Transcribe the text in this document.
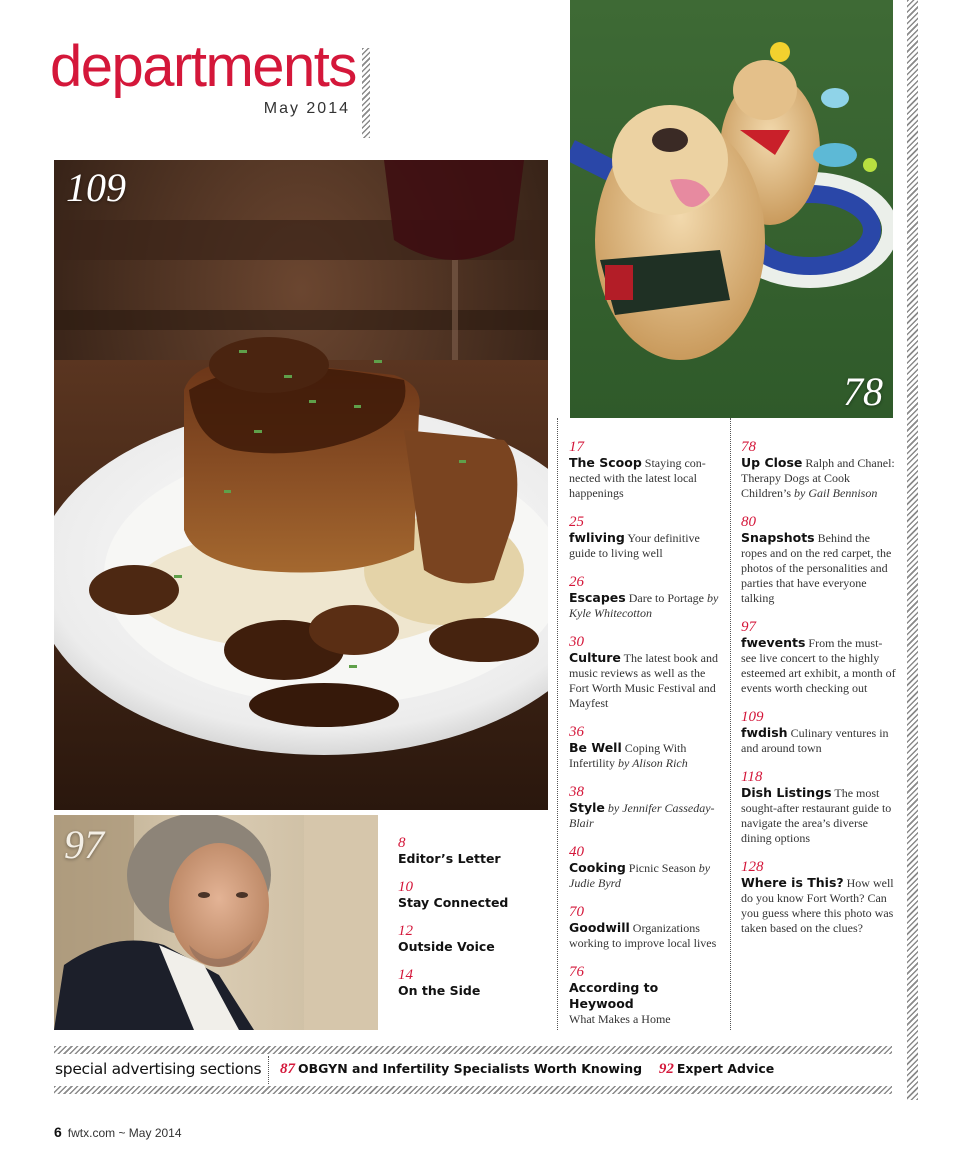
departments
May 2014
109
78
97	8
Editor’s Letter
10
Stay Connected
12
Outside Voice
14
On the Side
17
The Scoop Staying con-nected with the latest local happenings
25
fwliving Your definitive guide to living well
26
Escapes Dare to Portage by Kyle Whitecotton
30
Culture The latest book and music reviews as well as the Fort Worth Music Festival and Mayfest
36
Be Well Coping With Infertility by Alison Rich
38
Style by Jennifer Casseday-Blair
40
Cooking Picnic Season by Judie Byrd
70
Goodwill Organizations working to improve local lives
76
According to Heywood
What Makes a Home
78
Up Close Ralph and Chanel: Therapy Dogs at Cook Children’s by Gail Bennison
80
Snapshots Behind the ropes and on the red carpet, the photos of the personalities and parties that have everyone talking
97
fwevents From the must-see live concert to the highly esteemed art exhibit, a month of events worth checking out
109
fwdish Culinary ventures in and around town
118
Dish Listings The most sought-after restaurant guide to navigate the area’s diverse dining options
128
Where is This? How well do you know Fort Worth? Can you guess where this photo was taken based on the clues?
special advertising sections 87 OBGYN and Infertility Specialists Worth Knowing 92 Expert Advice
6 fwtx.com ~ May 2014
